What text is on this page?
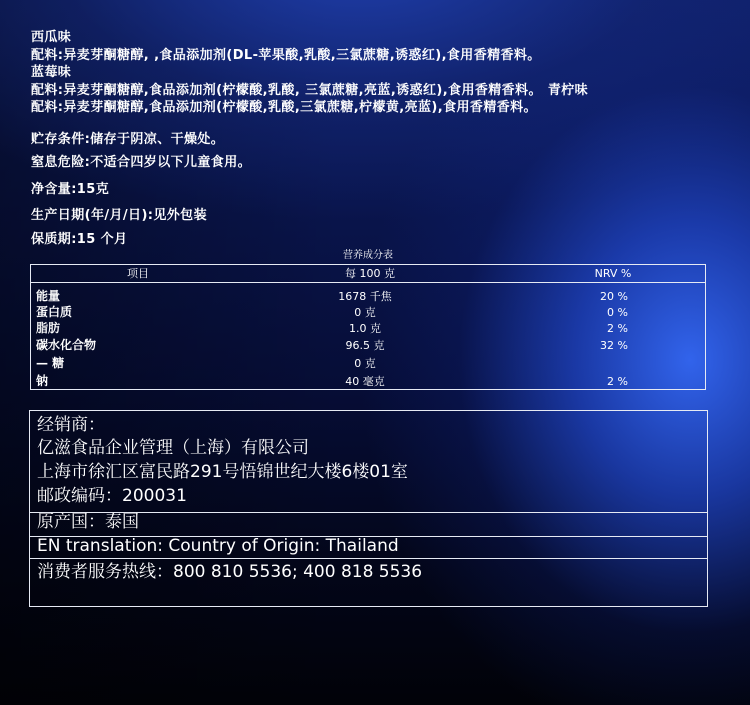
西瓜味
配料:异麦芽酮糖醇, ,食品添加剂(DL-苹果酸,乳酸,三氯蔗糖,诱惑红),食用香精香料。
蓝莓味
配料:异麦芽酮糖醇,食品添加剂(柠檬酸,乳酸, 三氯蔗糖,亮蓝,诱惑红),食用香精香料。 青柠味
配料:异麦芽酮糖醇,食品添加剂(柠檬酸,乳酸,三氯蔗糖,柠檬黄,亮蓝),食用香精香料。
贮存条件:储存于阴凉、干燥处。
窒息危险:不适合四岁以下儿童食用。
净含量:15克
生产日期(年/月/日):见外包装
保质期:15 个月
营养成分表
项目	每 100 克	NRV %
能量	1678 千焦	20 %
蛋白质	0 克	0 %
脂肪	1.0 克	2 %
碳水化合物	96.5 克	32 %
— 糖	0 克
钠	40 毫克	2 %
经销商：
亿滋食品企业管理（上海）有限公司
上海市徐汇区富民路291号悟锦世纪大楼6楼01室
邮政编码：200031
原产国：泰国
EN translation: Country of Origin: Thailand
消费者服务热线：800 810 5536; 400 818 5536
